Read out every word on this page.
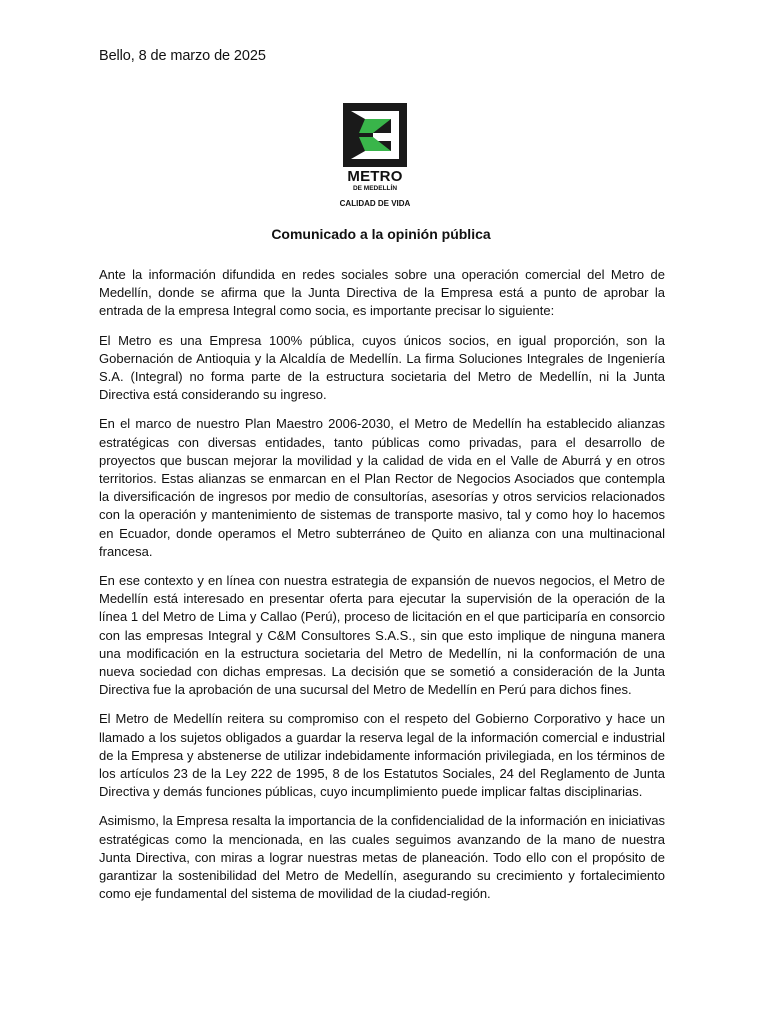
Bello, 8 de marzo de 2025
METRO
DE MEDELLÍN
CALIDAD DE VIDA
Comunicado a la opinión pública

Ante la información difundida en redes sociales sobre una operación comercial del Metro de Medellín, donde se afirma que la Junta Directiva de la Empresa está a punto de aprobar la entrada de la empresa Integral como socia, es importante precisar lo siguiente:

El Metro es una Empresa 100% pública, cuyos únicos socios, en igual proporción, son la Gobernación de Antioquia y la Alcaldía de Medellín. La firma Soluciones Integrales de Ingeniería S.A. (Integral) no forma parte de la estructura societaria del Metro de Medellín, ni la Junta Directiva está considerando su ingreso.

En el marco de nuestro Plan Maestro 2006-2030, el Metro de Medellín ha establecido alianzas estratégicas con diversas entidades, tanto públicas como privadas, para el desarrollo de proyectos que buscan mejorar la movilidad y la calidad de vida en el Valle de Aburrá y en otros territorios. Estas alianzas se enmarcan en el Plan Rector de Negocios Asociados que contempla la diversificación de ingresos por medio de consultorías, asesorías y otros servicios relacionados con la operación y mantenimiento de sistemas de transporte masivo, tal y como hoy lo hacemos en Ecuador, donde operamos el Metro subterráneo de Quito en alianza con una multinacional francesa.

En ese contexto y en línea con nuestra estrategia de expansión de nuevos negocios, el Metro de Medellín está interesado en presentar oferta para ejecutar la supervisión de la operación de la línea 1 del Metro de Lima y Callao (Perú), proceso de licitación en el que participaría en consorcio con las empresas Integral y C&M Consultores S.A.S., sin que esto implique de ninguna manera una modificación en la estructura societaria del Metro de Medellín, ni la conformación de una nueva sociedad con dichas empresas. La decisión que se sometió a consideración de la Junta Directiva fue la aprobación de una sucursal del Metro de Medellín en Perú para dichos fines.

El Metro de Medellín reitera su compromiso con el respeto del Gobierno Corporativo y hace un llamado a los sujetos obligados a guardar la reserva legal de la información comercial e industrial de la Empresa y abstenerse de utilizar indebidamente información privilegiada, en los términos de los artículos 23 de la Ley 222 de 1995, 8 de los Estatutos Sociales, 24 del Reglamento de Junta Directiva y demás funciones públicas, cuyo incumplimiento puede implicar faltas disciplinarias.

Asimismo, la Empresa resalta la importancia de la confidencialidad de la información en iniciativas estratégicas como la mencionada, en las cuales seguimos avanzando de la mano de nuestra Junta Directiva, con miras a lograr nuestras metas de planeación. Todo ello con el propósito de garantizar la sostenibilidad del Metro de Medellín, asegurando su crecimiento y fortalecimiento como eje fundamental del sistema de movilidad de la ciudad-región.
